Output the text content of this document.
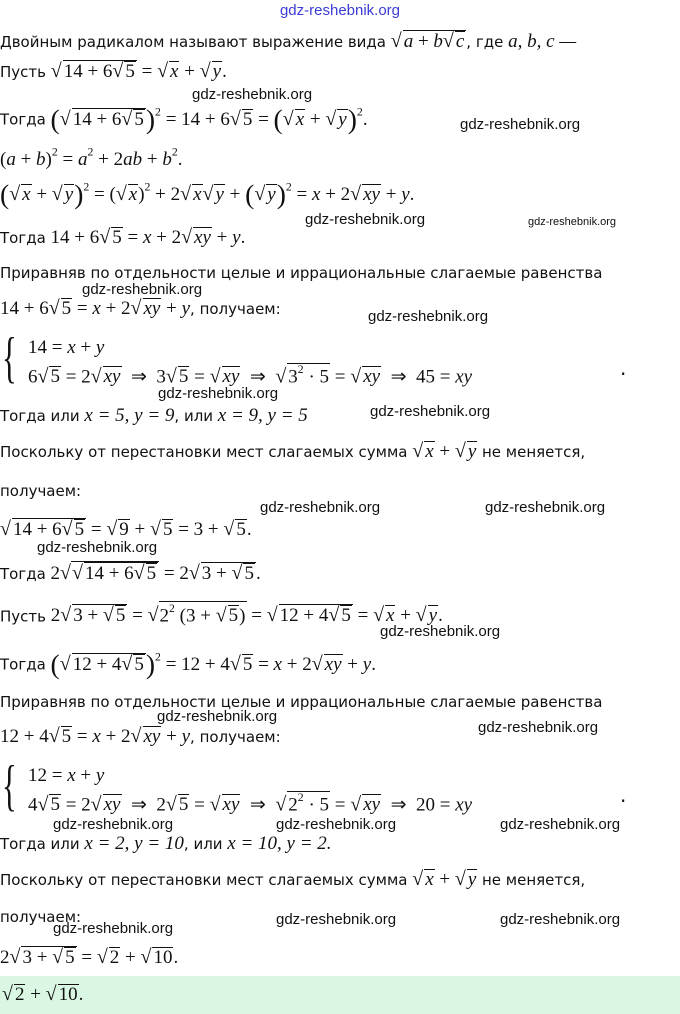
gdz-reshebnik.org
Двойным радикалом называют выражение вида √ a + b√ c , где a, b, c —
Пусть √ 14 + 6√ 5 = √ x + √ y.
Тогда (√ 14 + 6√ 5)$^2$ = 14 + 6√ 5 = (√ x + √ y)$^2$.
$(a + b)^2 = a^2 + 2ab + b^2$.
(√ x + √ y)$^2$ = (√ x)$^2$ + 2√ x√ y + (√ y)$^2$ = x + 2√ xy + y.
Тогда 14 + 6√ 5 = x + 2√ xy + y.
Приравняв по отдельности целые и иррациональные слагаемые равенства
14 + 6√ 5 = x + 2√ xy + y, получаем:
{ 14 = x + y
6√ 5 = 2√ xy  ⇒  3√ 5 = √ xy  ⇒  √ $3^2 \cdot 5$ = √ xy  ⇒  45 = xy	.
Тогда или x = 5, y = 9, или x = 9, y = 5
Поскольку от перестановки мест слагаемых сумма √ x + √ y не меняется,
получаем:
√ 14 + 6√ 5 = √ 9 + √ 5 = 3 + √ 5.
Тогда 2√√ 14 + 6√ 5 = 2√ 3 + √ 5 .
Пусть 2√ 3 + √ $5 = √2^2$ (3 + √ 5) = √ 12 + 4√ 5 = √ x + √ y.
Тогда (√ 12 + 4√ 5)$^2$ = 12 + 4√ 5 = x + 2√ xy + y.
Приравняв по отдельности целые и иррациональные слагаемые равенства
12 + 4√ 5 = x + 2√ xy + y, получаем:
{ 12 = x + y
4√ 5 = 2√ xy  ⇒  2√ 5 = √ xy  ⇒  √ $2^2 \cdot 5$ = √ xy  ⇒  20 = xy	.
Тогда или x = 2, y = 10, или x = 10, y = 2.
Поскольку от перестановки мест слагаемых сумма √ x + √ y не меняется,
получаем:
2√ 3 + √ 5 = √ 2 + √ 10.
√ 2 + √ 10.
gdz-reshebnik.org
gdz-reshebnik.org
gdz-reshebnik.org	gdz-reshebnik.org
gdz-reshebnik.org
gdz-reshebnik.org
gdz-reshebnik.org
gdz-reshebnik.org
gdz-reshebnik.org	gdz-reshebnik.org
gdz-reshebnik.org
gdz-reshebnik.org
gdz-reshebnik.org
gdz-reshebnik.org
gdz-reshebnik.org	gdz-reshebnik.org	gdz-reshebnik.org
gdz-reshebnik.org	gdz-reshebnik.org
gdz-reshebnik.org
